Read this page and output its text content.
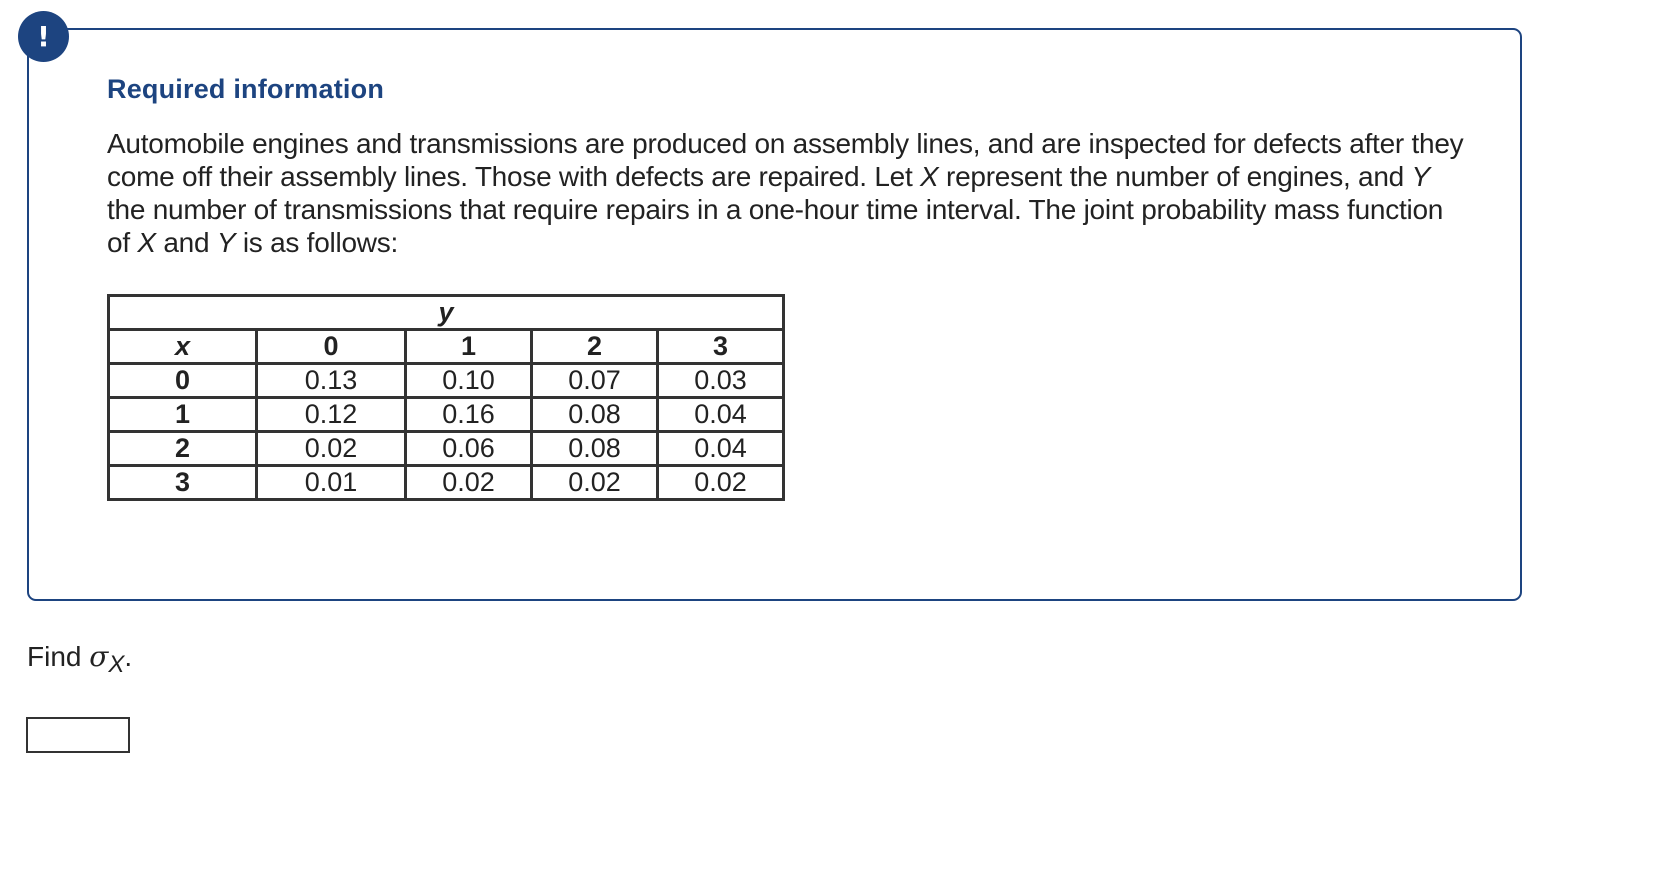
!
Required information

Automobile engines and transmissions are produced on assembly lines, and are inspected for defects after they come off their assembly lines. Those with defects are repaired. Let X represent the number of engines, and Y the number of transmissions that require repairs in a one-hour time interval. The joint probability mass function of X and Y is as follows:

y				
x	0	1	2	3
0	0.13	0.10	0.07	0.03
1	0.12	0.16	0.08	0.04
2	0.02	0.06	0.08	0.04
3	0.01	0.02	0.02	0.02

Find $\sigma_X$.
